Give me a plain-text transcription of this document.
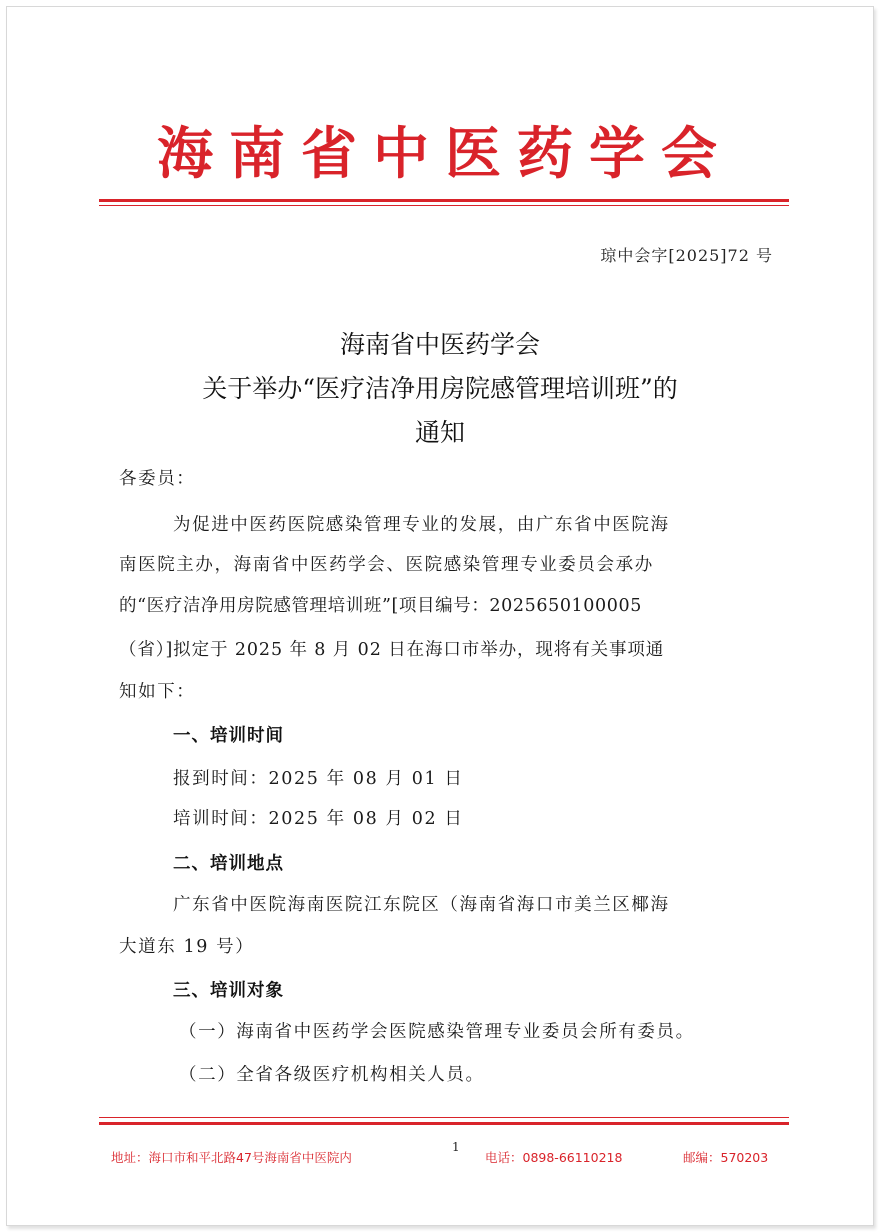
海南省中医药学会
琼中会字[2025]72 号
海南省中医药学会
关于举办“医疗洁净用房院感管理培训班”的
通知
各委员：
为促进中医药医院感染管理专业的发展，由广东省中医院海
南医院主办，海南省中医药学会、医院感染管理专业委员会承办
的“医疗洁净用房院感管理培训班”[项目编号：2025650100005
（省）]拟定于 2025 年 8 月 02 日在海口市举办，现将有关事项通
知如下：
一、培训时间
报到时间：2025 年 08 月 01 日
培训时间：2025 年 08 月 02 日
二、培训地点
广东省中医院海南医院江东院区（海南省海口市美兰区椰海
大道东 19 号）
三、培训对象
（一）海南省中医药学会医院感染管理专业委员会所有委员。
（二）全省各级医疗机构相关人员。
1
地址：海口市和平北路47号海南省中医院内	电话：0898-66110218	邮编：570203
